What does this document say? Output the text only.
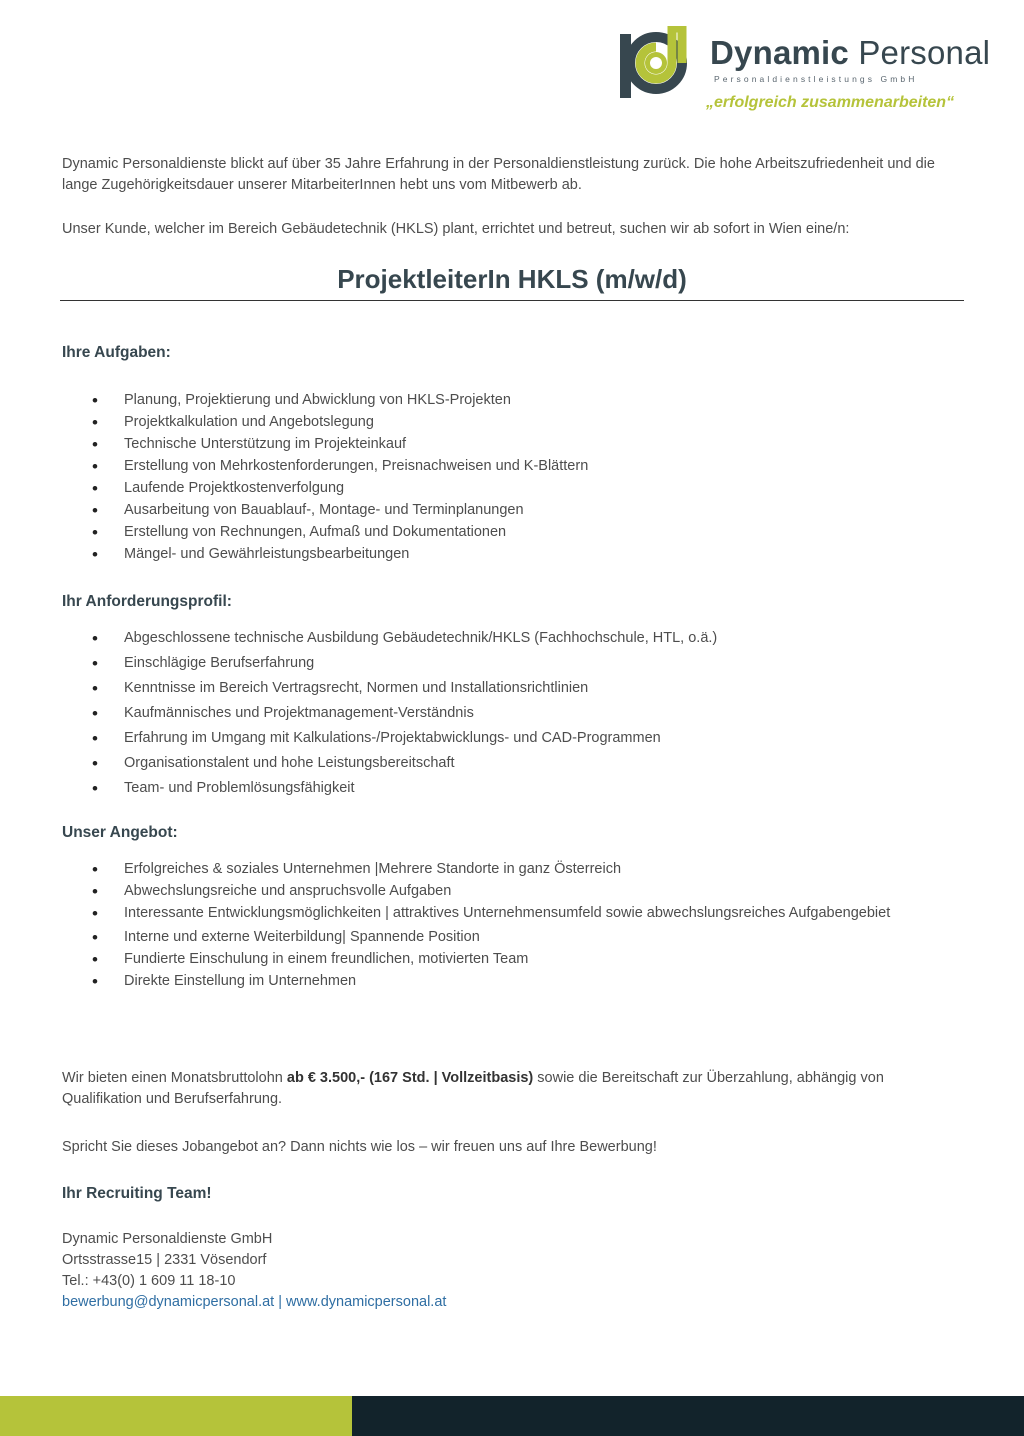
Dynamic Personal
Personaldienstleistungs GmbH
„erfolgreich zusammenarbeiten“
Dynamic Personaldienste blickt auf über 35 Jahre Erfahrung in der Personaldienstleistung zurück. Die hohe Arbeitszufriedenheit und die lange Zugehörigkeitsdauer unserer MitarbeiterInnen hebt uns vom Mitbewerb ab.
Unser Kunde, welcher im Bereich Gebäudetechnik (HKLS) plant, errichtet und betreut, suchen wir ab sofort in Wien eine/n:
ProjektleiterIn HKLS (m/w/d)
Ihre Aufgaben:
• Planung, Projektierung und Abwicklung von HKLS-Projekten
• Projektkalkulation und Angebotslegung
• Technische Unterstützung im Projekteinkauf
• Erstellung von Mehrkostenforderungen, Preisnachweisen und K-Blättern
• Laufende Projektkostenverfolgung
• Ausarbeitung von Bauablauf-, Montage- und Terminplanungen
• Erstellung von Rechnungen, Aufmaß und Dokumentationen
• Mängel- und Gewährleistungsbearbeitungen
Ihr Anforderungsprofil:
• Abgeschlossene technische Ausbildung Gebäudetechnik/HKLS (Fachhochschule, HTL, o.ä.)
• Einschlägige Berufserfahrung
• Kenntnisse im Bereich Vertragsrecht, Normen und Installationsrichtlinien
• Kaufmännisches und Projektmanagement-Verständnis
• Erfahrung im Umgang mit Kalkulations-/Projektabwicklungs- und CAD-Programmen
• Organisationstalent und hohe Leistungsbereitschaft
• Team- und Problemlösungsfähigkeit
Unser Angebot:
• Erfolgreiches & soziales Unternehmen |Mehrere Standorte in ganz Österreich
• Abwechslungsreiche und anspruchsvolle Aufgaben
• Interessante Entwicklungsmöglichkeiten | attraktives Unternehmensumfeld sowie abwechslungsreiches Aufgabengebiet
• Interne und externe Weiterbildung| Spannende Position
• Fundierte Einschulung in einem freundlichen, motivierten Team
• Direkte Einstellung im Unternehmen
Wir bieten einen Monatsbruttolohn ab € 3.500,- (167 Std. | Vollzeitbasis) sowie die Bereitschaft zur Überzahlung, abhängig von Qualifikation und Berufserfahrung.
Spricht Sie dieses Jobangebot an? Dann nichts wie los – wir freuen uns auf Ihre Bewerbung!
Ihr Recruiting Team!
Dynamic Personaldienste GmbH
Ortsstrasse15 | 2331 Vösendorf
Tel.: +43(0) 1 609 11 18-10
bewerbung@dynamicpersonal.at | www.dynamicpersonal.at
